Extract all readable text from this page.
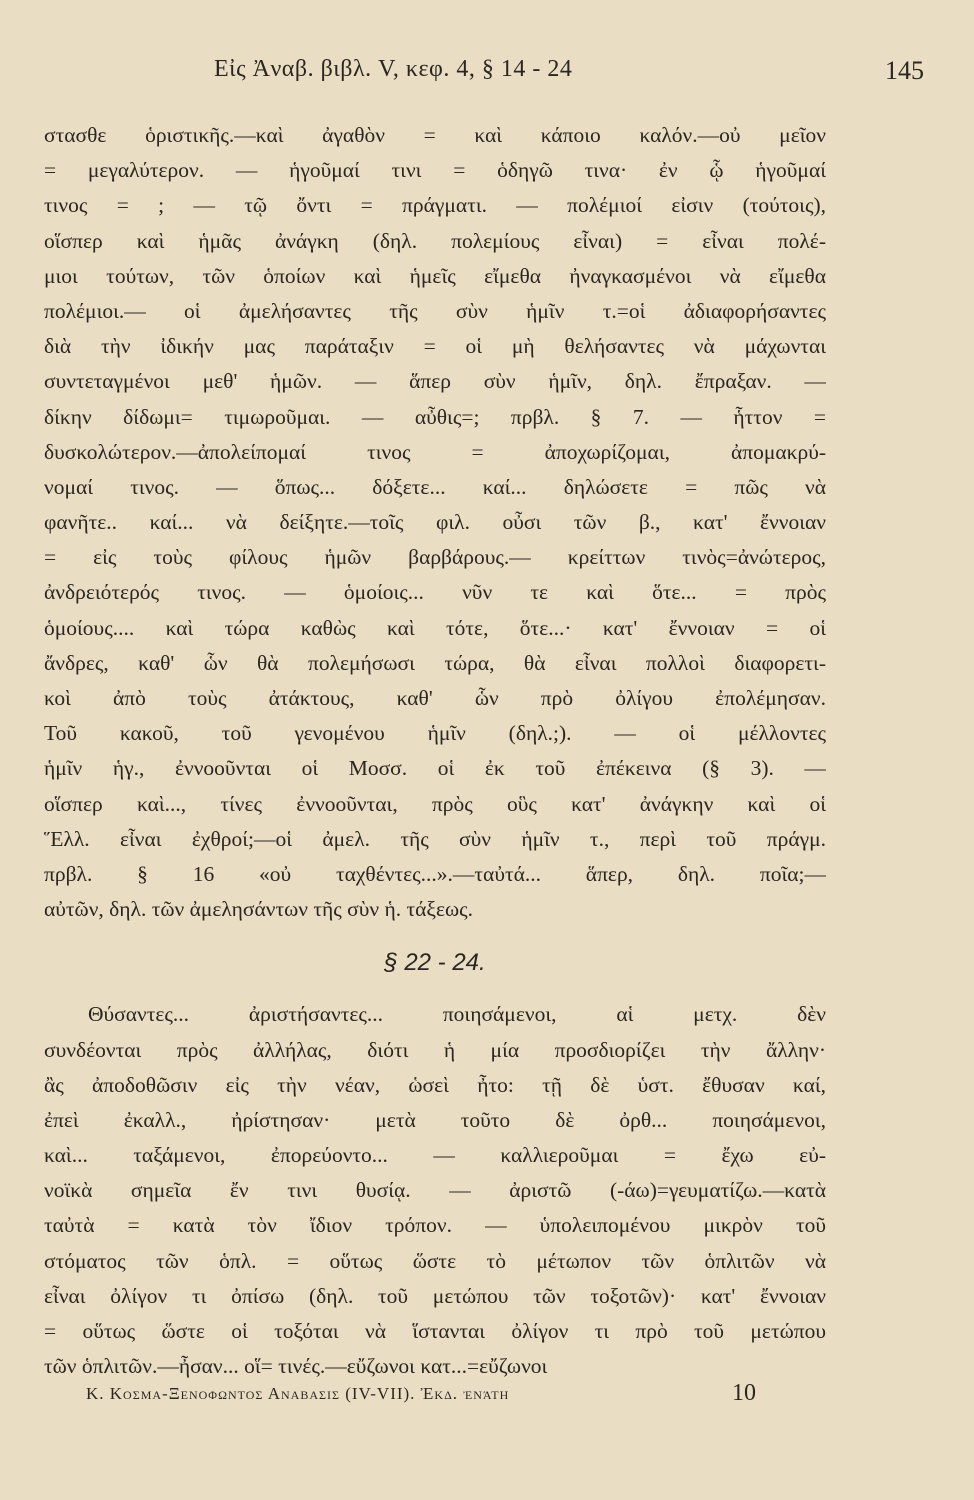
Εἰς Ἀναβ. βιβλ. V, κεφ. 4, § 14 - 24	145
στασθε ὁριστικῆς.—καὶ ἀγαθὸν = καὶ κάποιο καλόν.—οὐ μεῖον
= μεγαλύτερον. — ἡγοῦμαί τινι = ὁδηγῶ τινα· ἐν ᾧ ἡγοῦμαί
τινος = ; — τῷ ὄντι = πράγματι. — πολέμιοί εἰσιν (τούτοις),
οἵσπερ καὶ ἡμᾶς ἀνάγκη (δηλ. πολεμίους εἶναι) = εἶναι πολέ-
μιοι τούτων, τῶν ὁποίων καὶ ἡμεῖς εἴμεθα ἠναγκασμένοι νὰ εἴμεθα
πολέμιοι.— οἱ ἀμελήσαντες τῆς σὺν ἡμῖν τ.=οἱ ἀδιαφορήσαντες
διὰ τὴν ἰδικήν μας παράταξιν = οἱ μὴ θελήσαντες νὰ μάχωνται
συντεταγμένοι μεθ' ἡμῶν. — ἅπερ σὺν ἡμῖν, δηλ. ἔπραξαν. —
δίκην δίδωμι= τιμωροῦμαι. — αὖθις=; πρβλ. § 7. — ἧττον =
δυσκολώτερον.—ἀπολείπομαί τινος = ἀποχωρίζομαι, ἀπομακρύ-
νομαί τινος. — ὅπως... δόξετε... καί... δηλώσετε = πῶς νὰ
φανῆτε.. καί... νὰ δείξητε.—τοῖς φιλ. οὖσι τῶν β., κατ' ἔννοιαν
= εἰς τοὺς φίλους ἡμῶν βαρβάρους.— κρείττων τινὸς=ἀνώτερος,
ἀνδρειότερός τινος. — ὁμοίοις... νῦν τε καὶ ὅτε... = πρὸς
ὁμοίους.... καὶ τώρα καθὼς καὶ τότε, ὅτε...· κατ' ἔννοιαν = οἱ
ἄνδρες, καθ' ὧν θὰ πολεμήσωσι τώρα, θὰ εἶναι πολλοὶ διαφορετι-
κοὶ ἀπὸ τοὺς ἀτάκτους, καθ' ὧν πρὸ ὀλίγου ἐπολέμησαν.
Τοῦ κακοῦ, τοῦ γενομένου ἡμῖν (δηλ.;). — οἱ μέλλοντες
ἡμῖν ἡγ., ἐννοοῦνται οἱ Μοσσ. οἱ ἐκ τοῦ ἐπέκεινα (§ 3). —
οἵσπερ καὶ..., τίνες ἐννοοῦνται, πρὸς οὓς κατ' ἀνάγκην καὶ οἱ
Ἕλλ. εἶναι ἐχθροί;—οἱ ἀμελ. τῆς σὺν ἡμῖν τ., περὶ τοῦ πράγμ.
πρβλ. § 16 «οὐ ταχθέντες...».—ταὐτά... ἅπερ, δηλ. ποῖα;—
αὐτῶν, δηλ. τῶν ἀμελησάντων τῆς σὺν ἡ. τάξεως.
§ 22 - 24.
Θύσαντες... ἀριστήσαντες... ποιησάμενοι, αἱ μετχ. δὲν
συνδέονται πρὸς ἀλλήλας, διότι ἡ μία προσδιορίζει τὴν ἄλλην·
ἂς ἀποδοθῶσιν εἰς τὴν νέαν, ὡσεὶ ἦτο: τῇ δὲ ὑστ. ἔθυσαν καί,
ἐπεὶ ἐκαλλ., ἠρίστησαν· μετὰ τοῦτο δὲ ὀρθ... ποιησάμενοι,
καὶ... ταξάμενοι, ἐπορεύοντο... — καλλιεροῦμαι = ἔχω εὐ-
νοϊκὰ σημεῖα ἔν τινι θυσίᾳ. — ἀριστῶ (-άω)=γευματίζω.—κατὰ
ταὐτὰ = κατὰ τὸν ἴδιον τρόπον. — ὑπολειπομένου μικρὸν τοῦ
στόματος τῶν ὁπλ. = οὕτως ὥστε τὸ μέτωπον τῶν ὁπλιτῶν νὰ
εἶναι ὀλίγον τι ὀπίσω (δηλ. τοῦ μετώπου τῶν τοξοτῶν)· κατ' ἔννοιαν
= οὕτως ὥστε οἱ τοξόται νὰ ἵστανται ὀλίγον τι πρὸ τοῦ μετώπου
τῶν ὁπλιτῶν.—ἦσαν... οἵ= τινές.—εὔζωνοι κατ...=εὔζωνοι
Κ. Κοσμα-Ξενοφωντος Αναβασις (IV-VII). Ἐκδ. ἐνάτη	10
